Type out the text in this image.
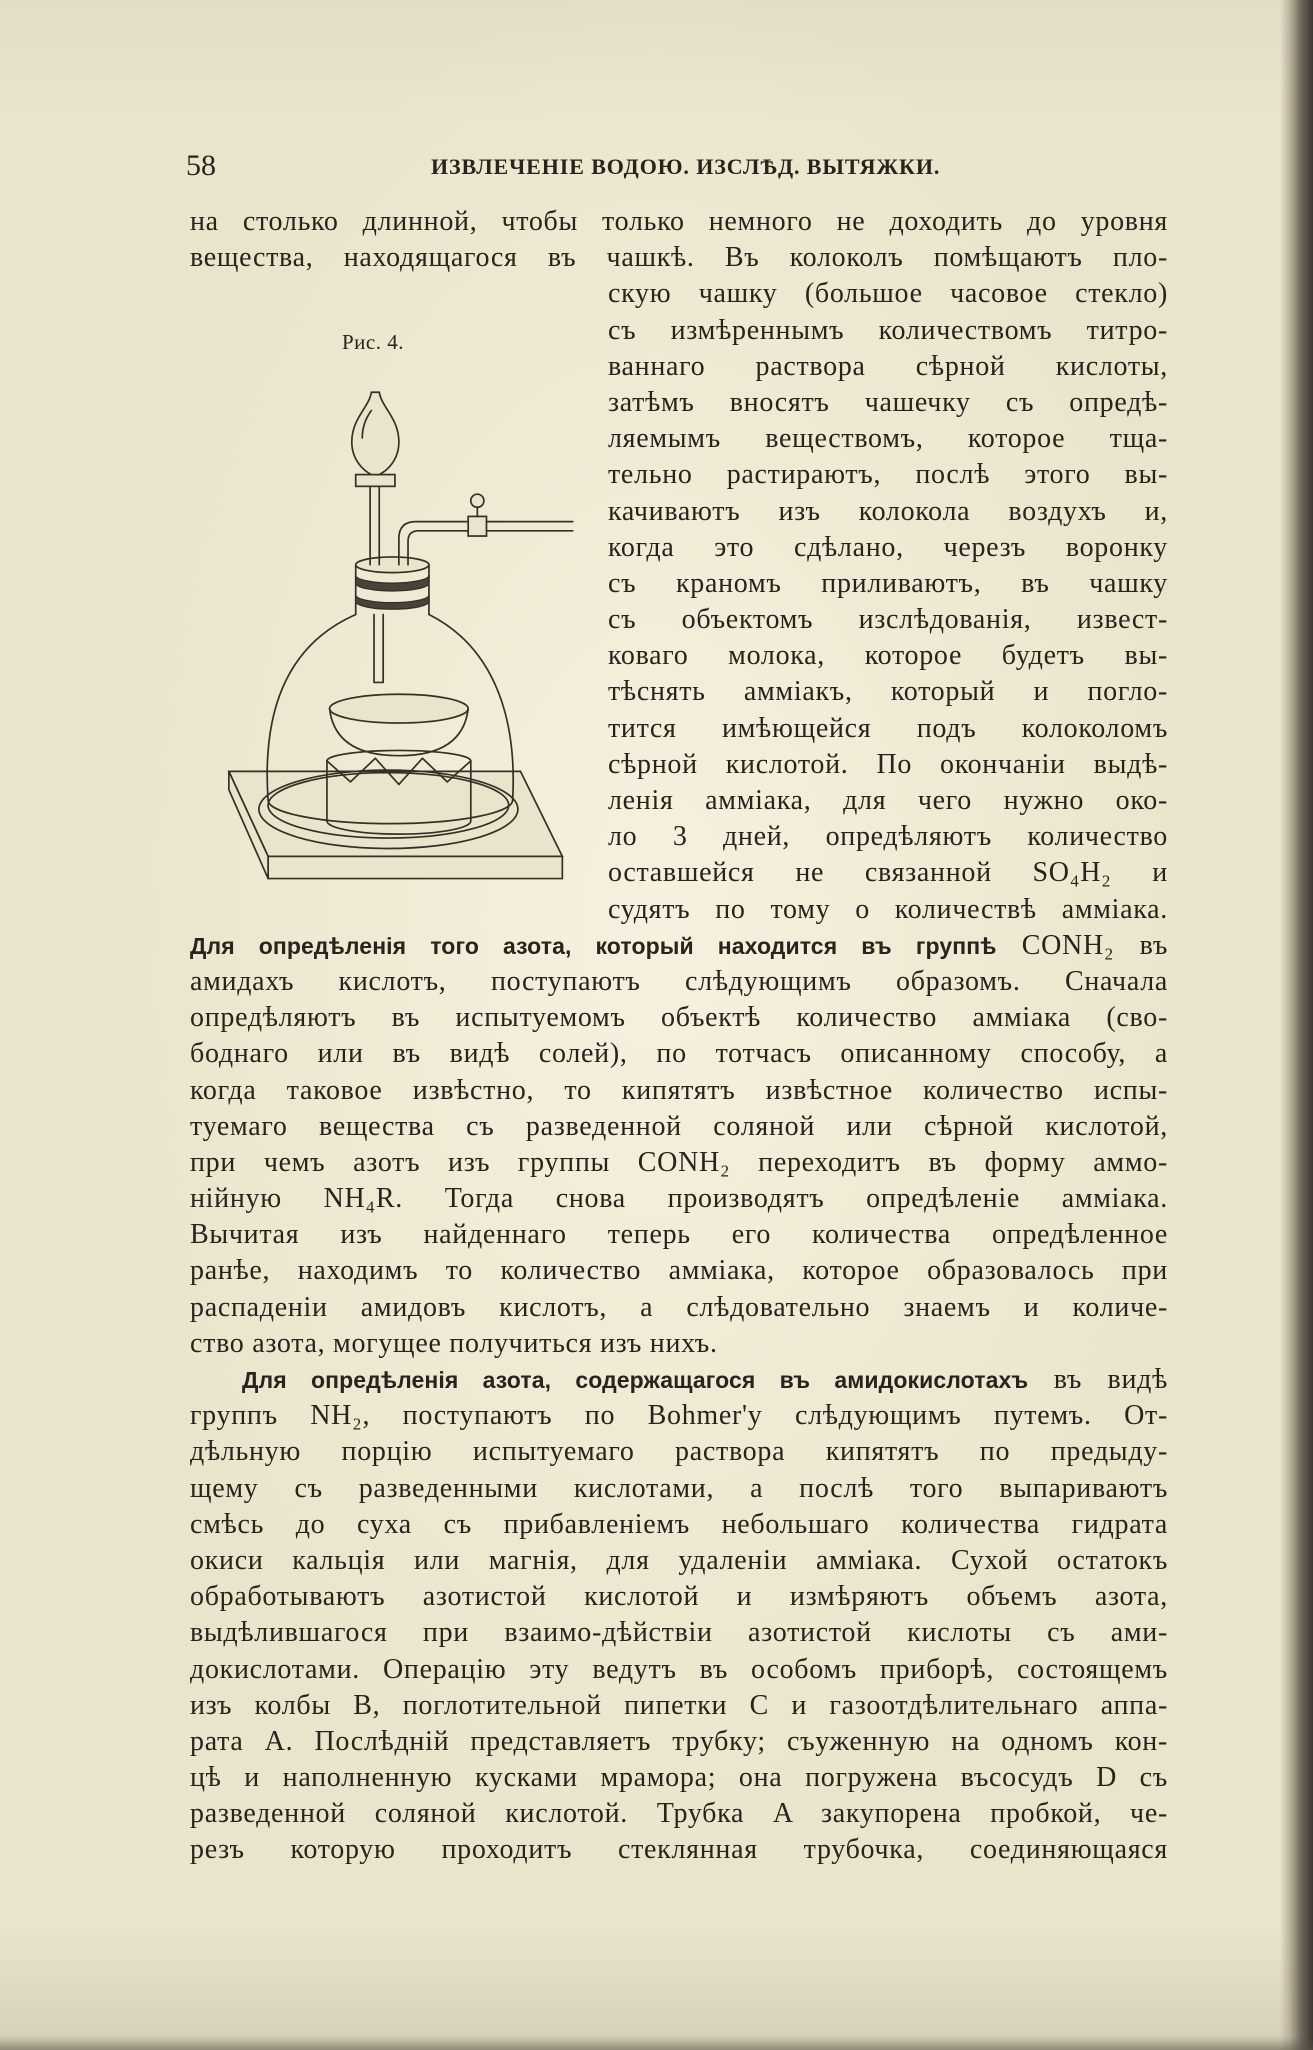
58	ИЗВЛЕЧЕНІЕ ВОДОЮ. ИЗСЛѢД. ВЫТЯЖКИ.
Рис. 4.
на столько длинной, чтобы только немного не доходить до уровня
вещества, находящагося въ чашкѣ. Въ колоколъ помѣщаютъ пло-
скую чашку (большое часовое стекло)
съ измѣреннымъ количествомъ титро-
ваннаго раствора сѣрной кислоты,
затѣмъ вносятъ чашечку съ опредѣ-
ляемымъ веществомъ, которое тща-
тельно растираютъ, послѣ этого вы-
качиваютъ изъ колокола воздухъ и,
когда это сдѣлано, черезъ воронку
съ краномъ приливаютъ, въ чашку
съ объектомъ изслѣдованія, извест-
коваго молока, которое будетъ вы-
тѣснять амміакъ, который и погло-
тится имѣющейся подъ колоколомъ
сѣрной кислотой. По окончаніи выдѣ-
ленія амміака, для чего нужно око-
ло 3 дней, опредѣляютъ количество
оставшейся не связанной SO₄H₂ и
судятъ по тому о количествѣ амміака.
Для опредѣленія того азота, который находится въ группѣ CONH₂ въ
амидахъ кислотъ, поступаютъ слѣдующимъ образомъ. Сначала
опредѣляютъ въ испытуемомъ объектѣ количество амміака (сво-
боднаго или въ видѣ солей), по тотчасъ описанному способу, а
когда таковое извѣстно, то кипятятъ извѣстное количество испы-
туемаго вещества съ разведенной соляной или сѣрной кислотой,
при чемъ азотъ изъ группы CONH₂ переходитъ въ форму аммо-
нійную NH₄R. Тогда снова производятъ опредѣленіе амміака.
Вычитая изъ найденнаго теперь его количества опредѣленное
ранѣе, находимъ то количество амміака, которое образовалось при
распаденіи амидовъ кислотъ, а слѣдовательно знаемъ и количе-
ство азота, могущее получиться изъ нихъ.
Для опредѣленія азота, содержащагося въ амидокислотахъ въ видѣ
группъ NH₂, поступаютъ по Bohmer'у слѣдующимъ путемъ. От-
дѣльную порцію испытуемаго раствора кипятятъ по предыду-
щему съ разведенными кислотами, а послѣ того выпариваютъ
смѣсь до суха съ прибавленіемъ небольшаго количества гидрата
окиси кальція или магнія, для удаленіи амміака. Сухой остатокъ
обработываютъ азотистой кислотой и измѣряютъ объемъ азота,
выдѣлившагося при взаимо-дѣйствіи азотистой кислоты съ ами-
докислотами. Операцію эту ведутъ въ особомъ приборѣ, состоящемъ
изъ колбы B, поглотительной пипетки C и газоотдѣлительнаго аппа-
рата A. Послѣдній представляетъ трубку; съуженную на одномъ кон-
цѣ и наполненную кусками мрамора; она погружена въсосудъ D съ
разведенной соляной кислотой. Трубка A закупорена пробкой, че-
резъ которую проходитъ стеклянная трубочка, соединяющаяся
